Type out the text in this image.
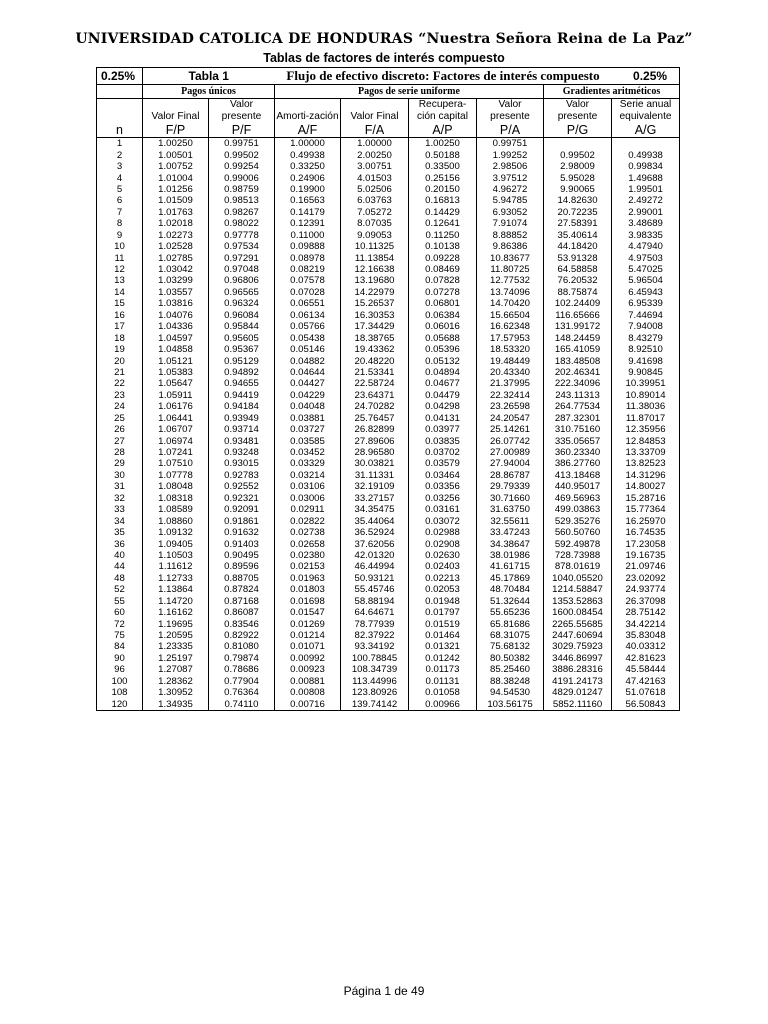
UNIVERSIDAD CATOLICA DE HONDURAS “Nuestra Señora Reina de La Paz”
Tablas de factores de interés compuesto
0.25%	Tabla 1		Flujo de efectivo discreto: Factores de interés compuesto					0.25%
	Pagos únicos		Pagos de serie uniforme				Gradientes aritméticos	
		Valor			Recupera-	Valor	Valor	Serie anual
	Valor Final	presente	Amorti-zación	Valor Final	ción capital	presente	presente	equivalente
n	F/P	P/F	A/F	F/A	A/P	P/A	P/G	A/G
1	1.00250	0.99751	1.00000	1.00000	1.00250	0.99751		
2	1.00501	0.99502	0.49938	2.00250	0.50188	1.99252	0.99502	0.49938
3	1.00752	0.99254	0.33250	3.00751	0.33500	2.98506	2.98009	0.99834
4	1.01004	0.99006	0.24906	4.01503	0.25156	3.97512	5.95028	1.49688
5	1.01256	0.98759	0.19900	5.02506	0.20150	4.96272	9.90065	1.99501
6	1.01509	0.98513	0.16563	6.03763	0.16813	5.94785	14.82630	2.49272
7	1.01763	0.98267	0.14179	7.05272	0.14429	6.93052	20.72235	2.99001
8	1.02018	0.98022	0.12391	8.07035	0.12641	7.91074	27.58391	3.48689
9	1.02273	0.97778	0.11000	9.09053	0.11250	8.88852	35.40614	3.98335
10	1.02528	0.97534	0.09888	10.11325	0.10138	9.86386	44.18420	4.47940
11	1.02785	0.97291	0.08978	11.13854	0.09228	10.83677	53.91328	4.97503
12	1.03042	0.97048	0.08219	12.16638	0.08469	11.80725	64.58858	5.47025
13	1.03299	0.96806	0.07578	13.19680	0.07828	12.77532	76.20532	5.96504
14	1.03557	0.96565	0.07028	14.22979	0.07278	13.74096	88.75874	6.45943
15	1.03816	0.96324	0.06551	15.26537	0.06801	14.70420	102.24409	6.95339
16	1.04076	0.96084	0.06134	16.30353	0.06384	15.66504	116.65666	7.44694
17	1.04336	0.95844	0.05766	17.34429	0.06016	16.62348	131.99172	7.94008
18	1.04597	0.95605	0.05438	18.38765	0.05688	17.57953	148.24459	8.43279
19	1.04858	0.95367	0.05146	19.43362	0.05396	18.53320	165.41059	8.92510
20	1.05121	0.95129	0.04882	20.48220	0.05132	19.48449	183.48508	9.41698
21	1.05383	0.94892	0.04644	21.53341	0.04894	20.43340	202.46341	9.90845
22	1.05647	0.94655	0.04427	22.58724	0.04677	21.37995	222.34096	10.39951
23	1.05911	0.94419	0.04229	23.64371	0.04479	22.32414	243.11313	10.89014
24	1.06176	0.94184	0.04048	24.70282	0.04298	23.26598	264.77534	11.38036
25	1.06441	0.93949	0.03881	25.76457	0.04131	24.20547	287.32301	11.87017
26	1.06707	0.93714	0.03727	26.82899	0.03977	25.14261	310.75160	12.35956
27	1.06974	0.93481	0.03585	27.89606	0.03835	26.07742	335.05657	12.84853
28	1.07241	0.93248	0.03452	28.96580	0.03702	27.00989	360.23340	13.33709
29	1.07510	0.93015	0.03329	30.03821	0.03579	27.94004	386.27760	13.82523
30	1.07778	0.92783	0.03214	31.11331	0.03464	28.86787	413.18468	14.31296
31	1.08048	0.92552	0.03106	32.19109	0.03356	29.79339	440.95017	14.80027
32	1.08318	0.92321	0.03006	33.27157	0.03256	30.71660	469.56963	15.28716
33	1.08589	0.92091	0.02911	34.35475	0.03161	31.63750	499.03863	15.77364
34	1.08860	0.91861	0.02822	35.44064	0.03072	32.55611	529.35276	16.25970
35	1.09132	0.91632	0.02738	36.52924	0.02988	33.47243	560.50760	16.74535
36	1.09405	0.91403	0.02658	37.62056	0.02908	34.38647	592.49878	17.23058
40	1.10503	0.90495	0.02380	42.01320	0.02630	38.01986	728.73988	19.16735
44	1.11612	0.89596	0.02153	46.44994	0.02403	41.61715	878.01619	21.09746
48	1.12733	0.88705	0.01963	50.93121	0.02213	45.17869	1040.05520	23.02092
52	1.13864	0.87824	0.01803	55.45746	0.02053	48.70484	1214.58847	24.93774
55	1.14720	0.87168	0.01698	58.88194	0.01948	51.32644	1353.52863	26.37098
60	1.16162	0.86087	0.01547	64.64671	0.01797	55.65236	1600.08454	28.75142
72	1.19695	0.83546	0.01269	78.77939	0.01519	65.81686	2265.55685	34.42214
75	1.20595	0.82922	0.01214	82.37922	0.01464	68.31075	2447.60694	35.83048
84	1.23335	0.81080	0.01071	93.34192	0.01321	75.68132	3029.75923	40.03312
90	1.25197	0.79874	0.00992	100.78845	0.01242	80.50382	3446.86997	42.81623
96	1.27087	0.78686	0.00923	108.34739	0.01173	85.25460	3886.28316	45.58444
100	1.28362	0.77904	0.00881	113.44996	0.01131	88.38248	4191.24173	47.42163
108	1.30952	0.76364	0.00808	123.80926	0.01058	94.54530	4829.01247	51.07618
120	1.34935	0.74110	0.00716	139.74142	0.00966	103.56175	5852.11160	56.50843
Página 1 de 49
